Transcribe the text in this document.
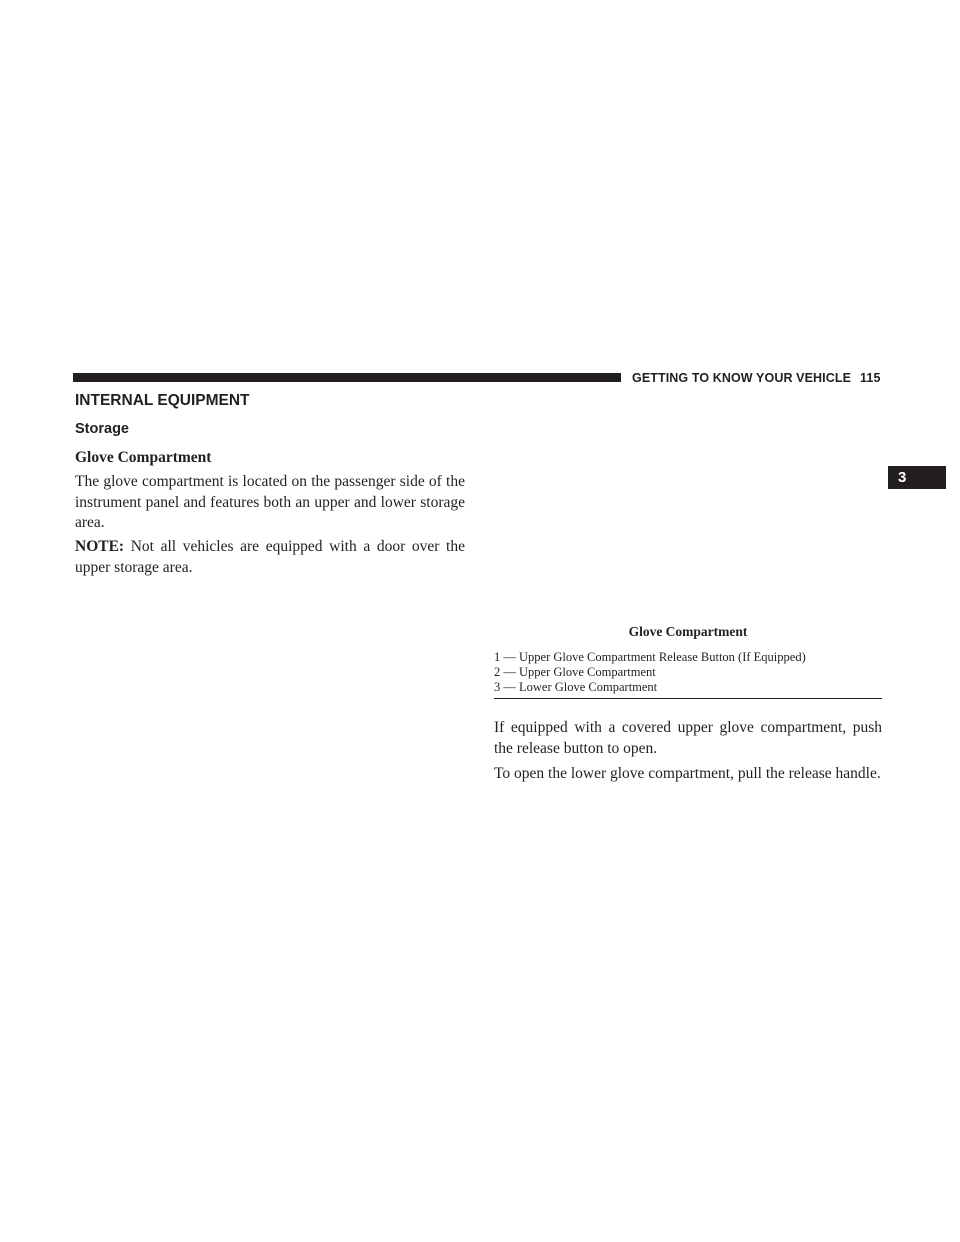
GETTING TO KNOW YOUR VEHICLE 115
3
INTERNAL EQUIPMENT
Storage
Glove Compartment

The glove compartment is located on the passenger side of the instrument panel and features both an upper and lower storage area.

NOTE: Not all vehicles are equipped with a door over the upper storage area.

Glove Compartment
1 — Upper Glove Compartment Release Button (If Equipped)
2 — Upper Glove Compartment
3 — Lower Glove Compartment

If equipped with a covered upper glove compartment, push the release button to open.

To open the lower glove compartment, pull the release handle.
